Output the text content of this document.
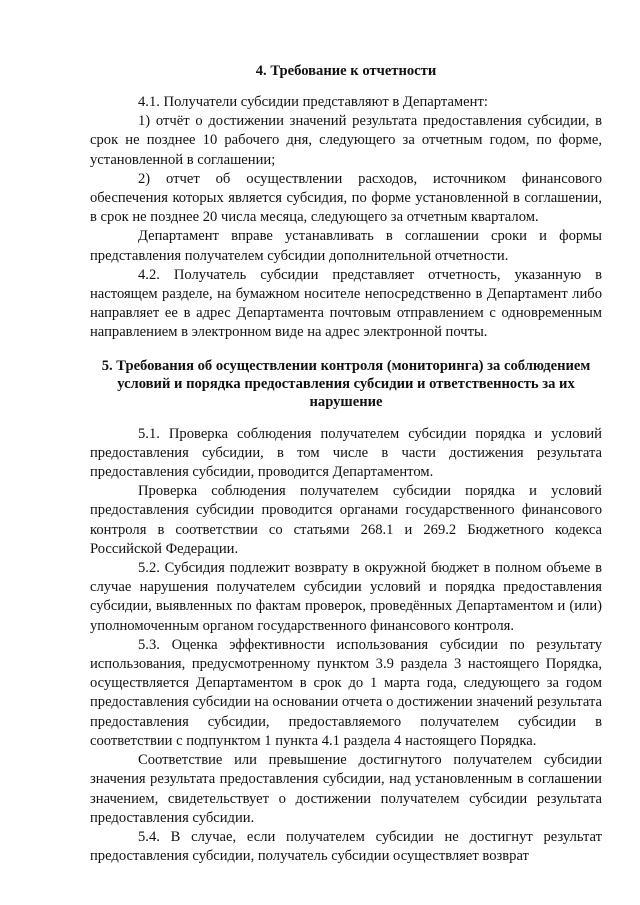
4. Требование к отчетности

4.1. Получатели субсидии представляют в Департамент:

1) отчёт о достижении значений результата предоставления субсидии, в срок не позднее 10 рабочего дня, следующего за отчетным годом, по форме, установленной в соглашении;

2) отчет об осуществлении расходов, источником финансового обеспечения которых является субсидия, по форме установленной в соглашении, в срок не позднее 20 числа месяца, следующего за отчетным кварталом.

Департамент вправе устанавливать в соглашении сроки и формы представления получателем субсидии дополнительной отчетности.

4.2. Получатель субсидии представляет отчетность, указанную в настоящем разделе, на бумажном носителе непосредственно в Департамент либо направляет ее в адрес Департамента почтовым отправлением с одновременным направлением в электронном виде на адрес электронной почты.

5. Требования об осуществлении контроля (мониторинга) за соблюдением условий и порядка предоставления субсидии и ответственность за их нарушение

5.1. Проверка соблюдения получателем субсидии порядка и условий предоставления субсидии, в том числе в части достижения результата предоставления субсидии, проводится Департаментом.

Проверка соблюдения получателем субсидии порядка и условий предоставления субсидии проводится органами государственного финансового контроля в соответствии со статьями 268.1 и 269.2 Бюджетного кодекса Российской Федерации.

5.2. Субсидия подлежит возврату в окружной бюджет в полном объеме в случае нарушения получателем субсидии условий и порядка предоставления субсидии, выявленных по фактам проверок, проведённых Департаментом и (или) уполномоченным органом государственного финансового контроля.

5.3. Оценка эффективности использования субсидии по результату использования, предусмотренному пунктом 3.9 раздела 3 настоящего Порядка, осуществляется Департаментом в срок до 1 марта года, следующего за годом предоставления субсидии на основании отчета о достижении значений результата предоставления субсидии, предоставляемого получателем субсидии в соответствии с подпунктом 1 пункта 4.1 раздела 4 настоящего Порядка.

Соответствие или превышение достигнутого получателем субсидии значения результата предоставления субсидии, над установленным в соглашении значением, свидетельствует о достижении получателем субсидии результата предоставления субсидии.

5.4. В случае, если получателем субсидии не достигнут результат предоставления субсидии, получатель субсидии осуществляет возврат
